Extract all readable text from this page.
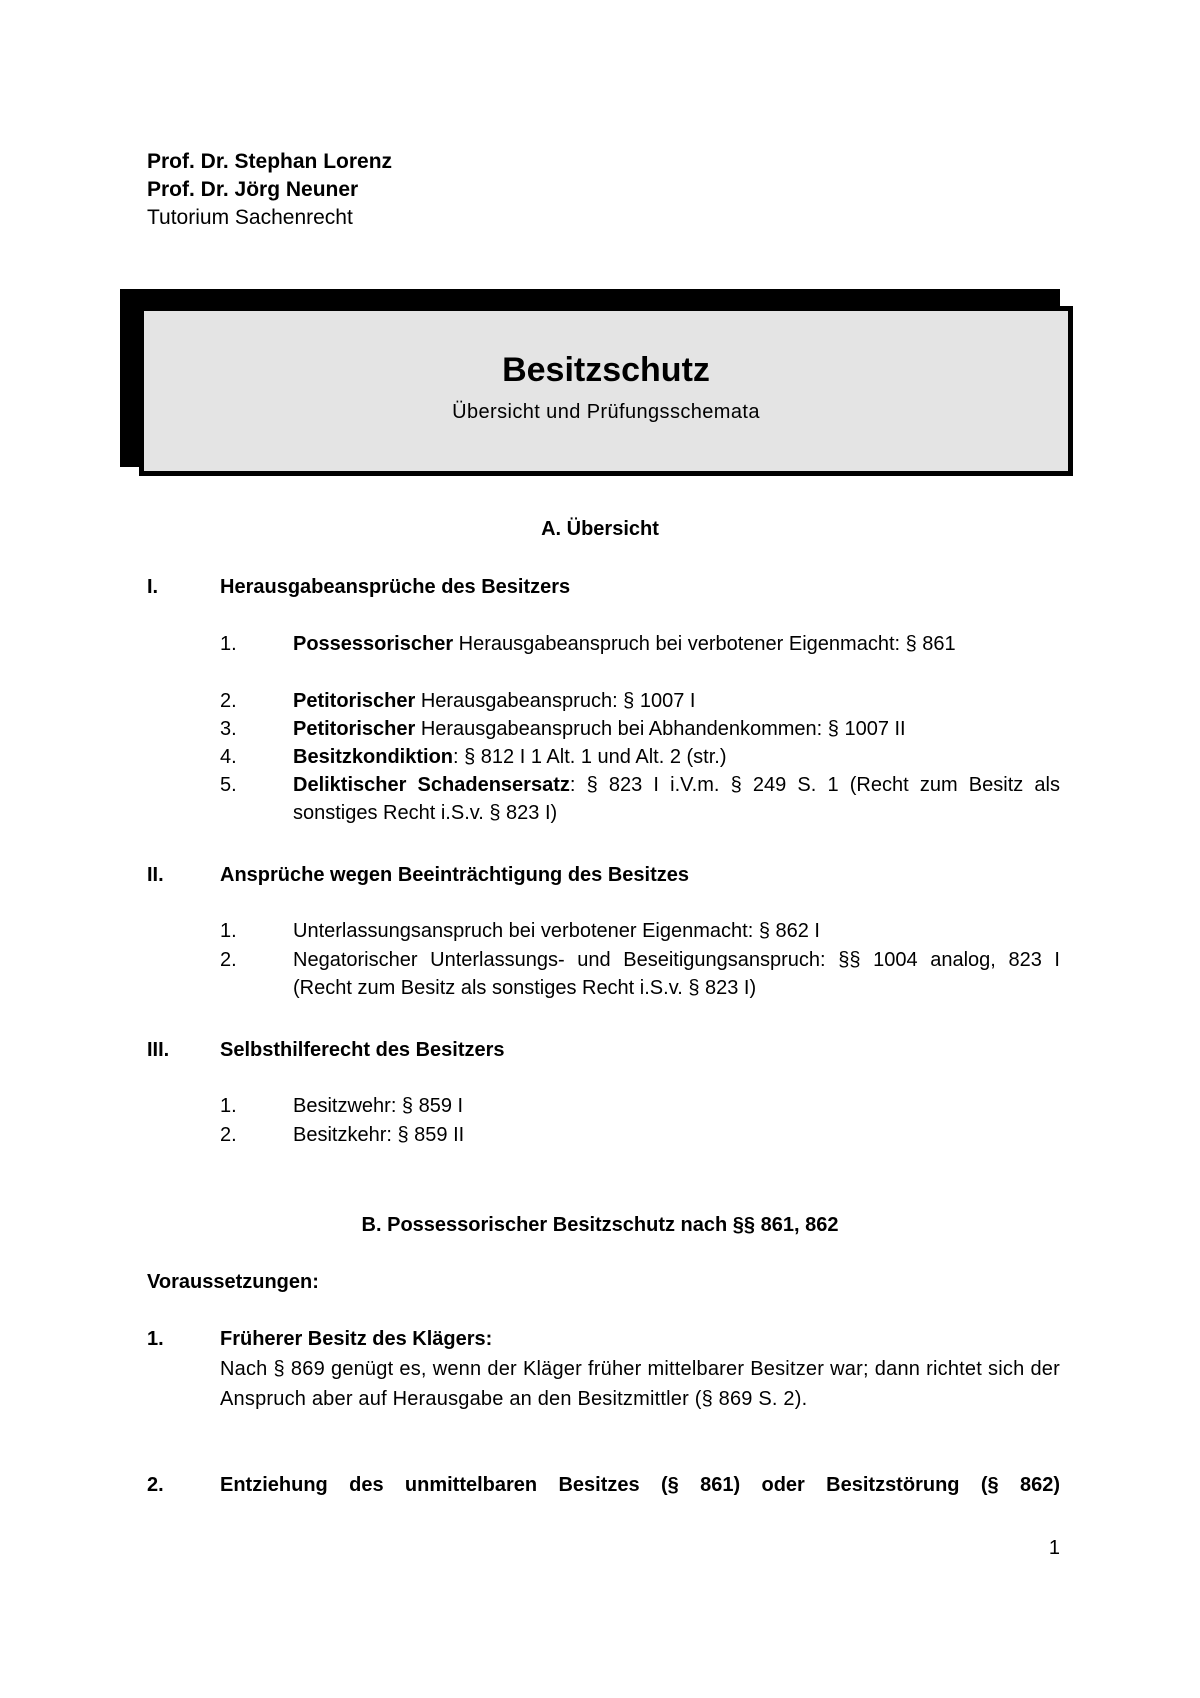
Prof. Dr. Stephan Lorenz
Prof. Dr. Jörg Neuner
Tutorium Sachenrecht
Besitzschutz
Übersicht und Prüfungsschemata
A. Übersicht
I.	Herausgabeansprüche des Besitzers
1.	Possessorischer Herausgabeanspruch bei verbotener Eigenmacht: § 861
2.	Petitorischer Herausgabeanspruch: § 1007 I
3.	Petitorischer Herausgabeanspruch bei Abhandenkommen: § 1007 II
4.	Besitzkondiktion: § 812 I 1 Alt. 1 und Alt. 2 (str.)
5.	Deliktischer Schadensersatz: § 823 I i.V.m. § 249 S. 1 (Recht zum Besitz als sonstiges Recht i.S.v. § 823 I)
II.	Ansprüche wegen Beeinträchtigung des Besitzes
1.	Unterlassungsanspruch bei verbotener Eigenmacht: § 862 I
2.	Negatorischer Unterlassungs- und Beseitigungsanspruch: §§ 1004 analog, 823 I (Recht zum Besitz als sonstiges Recht i.S.v. § 823 I)
III.	Selbsthilferecht des Besitzers
1.	Besitzwehr: § 859 I
2.	Besitzkehr: § 859 II
B. Possessorischer Besitzschutz nach §§ 861, 862
Voraussetzungen:
1.	Früherer Besitz des Klägers:
Nach § 869 genügt es, wenn der Kläger früher mittelbarer Besitzer war; dann richtet sich der Anspruch aber auf Herausgabe an den Besitzmittler (§ 869 S. 2).
2.	Entziehung des unmittelbaren Besitzes (§ 861) oder Besitzstörung (§ 862)
1
